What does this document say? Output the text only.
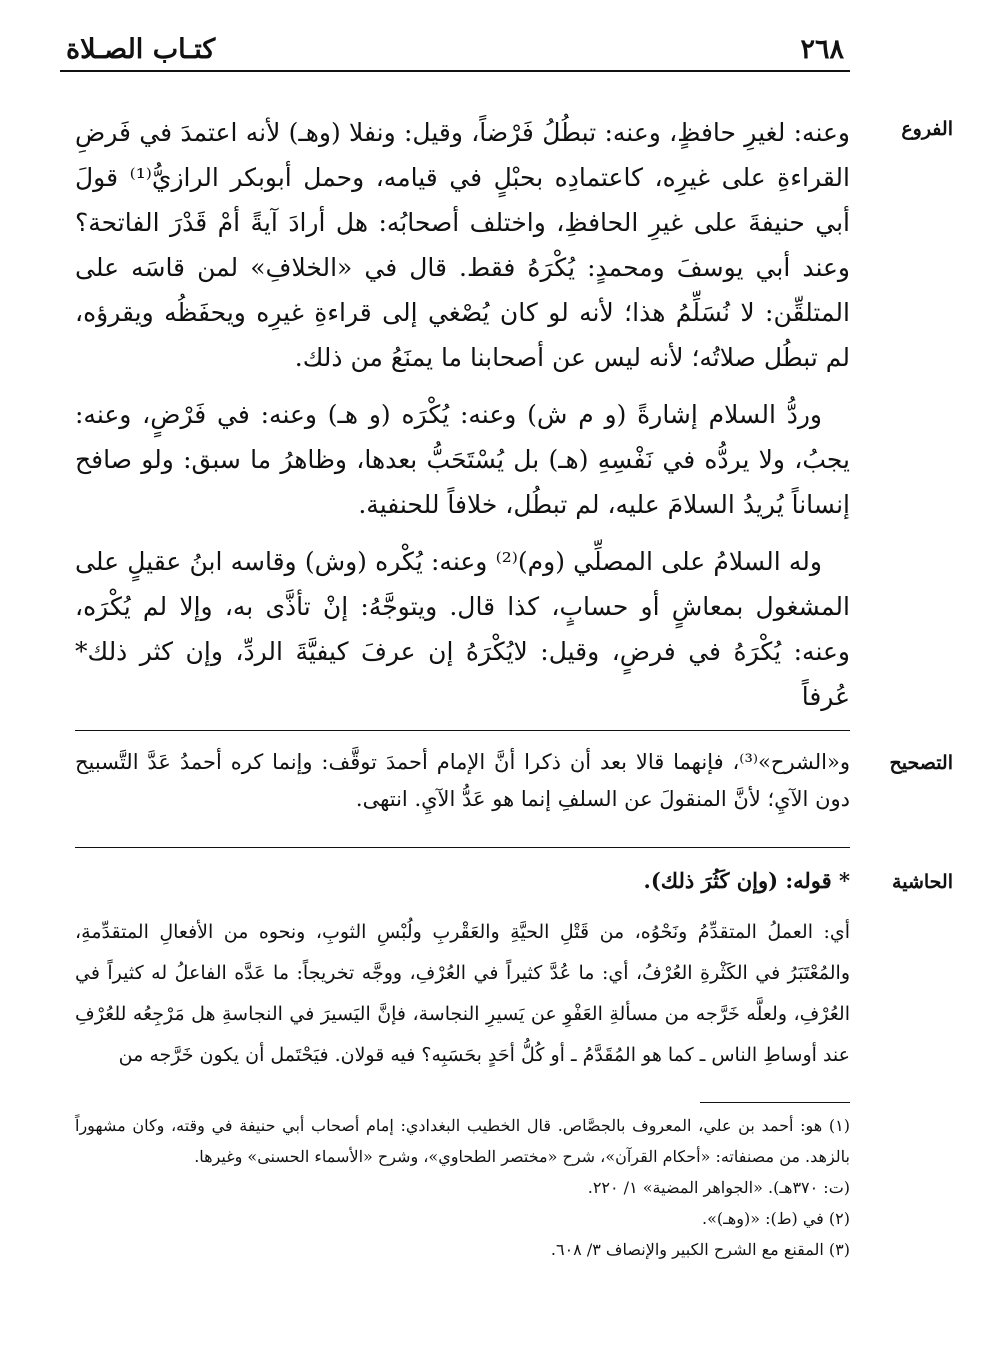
٢٦٨
كتـاب الصـلاة
الفروع

وعنه: لغيرِ حافظٍ، وعنه: تبطُلُ فَرْضاً، وقيل: ونفلا (وهـ) لأنه اعتمدَ في فَرضِ القراءةِ على غيرِه، كاعتمادِه بحبْلٍ في قيامه، وحمل أبوبكر الرازيُّ⁽¹⁾ قولَ أبي حنيفةَ على غيرِ الحافظِ، واختلف أصحابُه: هل أرادَ آيةً أمْ قَدْرَ الفاتحة؟ وعند أبي يوسفَ ومحمدٍ: يُكْرَهُ فقط. قال في «الخلافِ» لمن قاسَه على المتلقِّن: لا نُسَلِّمُ هذا؛ لأنه لو كان يُصْغي إلى قراءةِ غيرِه ويحفَظُه ويقرؤه، لم تبطُل صلاتُه؛ لأنه ليس عن أصحابنا ما يمنَعُ من ذلك.

وردُّ السلام إشارةً (و م ش) وعنه: يُكْرَه (و هـ) وعنه: في فَرْضٍ، وعنه: يجبُ، ولا يردُّه في نَفْسِهِ (هـ) بل يُسْتَحَبُّ بعدها، وظاهرُ ما سبق: ولو صافح إنساناً يُريدُ السلامَ عليه، لم تبطُل، خلافاً للحنفية.

وله السلامُ على المصلِّي (وم)⁽²⁾ وعنه: يُكْره (وش) وقاسه ابنُ عقيلٍ على المشغول بمعاشٍ أو حسابٍ، كذا قال. ويتوجَّهُ: إنْ تأذَّى به، وإلا لم يُكْرَه، وعنه: يُكْرَهُ في فرضٍ، وقيل: لايُكْرَهُ إن عرفَ كيفيَّةَ الردِّ، وإن كثر ذلك* عُرفاً

التصحيح

و«الشرح»⁽³⁾، فإنهما قالا بعد أن ذكرا أنَّ الإمام أحمدَ توقَّف: وإنما كره أحمدُ عَدَّ التَّسبيح دون الآيِ؛ لأنَّ المنقولَ عن السلفِ إنما هو عَدُّ الآيِ. انتهى.

الحاشية

* قوله: (وإن كَثُرَ ذلك).

أي: العملُ المتقدِّمُ ونَحْوُه، من قَتْلِ الحيَّةِ والعَقْربِ ولُبْسِ الثوبِ، ونحوه من الأفعالِ المتقدِّمةِ، والمُعْتَبَرُ في الكَثْرةِ العُرْفُ، أي: ما عُدَّ كثيراً في العُرْفِ، ووجَّه تخريجاً: ما عَدَّه الفاعلُ له كثيراً في العُرْفِ، ولعلَّه خَرَّجه من مسألةِ العَفْوِ عن يَسيرِ النجاسة، فإنَّ اليَسيرَ في النجاسةِ هل مَرْجِعُه للعُرْفِ عند أوساطِ الناس ـ كما هو المُقَدَّمُ ـ أو كُلُّ أحَدٍ بحَسَبِه؟ فيه قولان. فيَحْتَمل أن يكون خَرَّجه من

(١) هو: أحمد بن علي، المعروف بالجصَّاص. قال الخطيب البغدادي: إمام أصحاب أبي حنيفة في وقته، وكان مشهوراً بالزهد. من مصنفاته: «أحكام القرآن»، شرح «مختصر الطحاوي»، وشرح «الأسماء الحسنى» وغيرها.

(ت: ٣٧٠هـ). «الجواهر المضية» ١/ ٢٢٠.

(٢) في (ط): «(وهـ)».

(٣) المقنع مع الشرح الكبير والإنصاف ٣/ ٦٠٨.
